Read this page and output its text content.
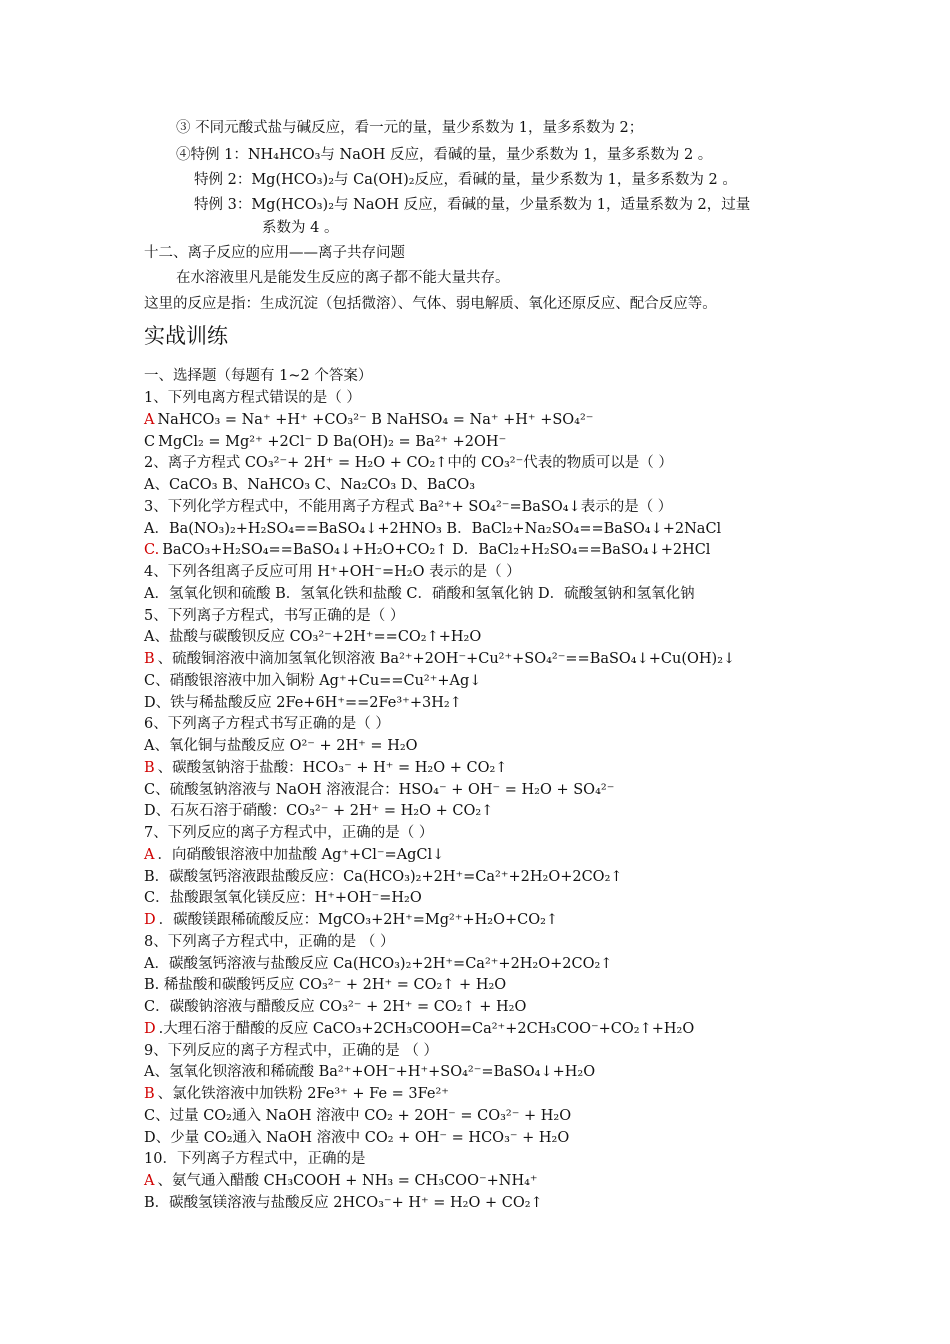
③ 不同元酸式盐与碱反应，看一元的量，量少系数为 1，量多系数为 2；
④特例 1：NH₄HCO₃与 NaOH 反应，看碱的量，量少系数为 1，量多系数为 2 。
特例 2：Mg(HCO₃)₂与 Ca(OH)₂反应，看碱的量，量少系数为 1，量多系数为 2 。
特例 3：Mg(HCO₃)₂与 NaOH 反应，看碱的量，少量系数为 1，适量系数为 2，过量
系数为 4 。
十二、离子反应的应用——离子共存问题
在水溶液里凡是能发生反应的离子都不能大量共存。
这里的反应是指：生成沉淀（包括微溶）、气体、弱电解质、氧化还原反应、配合反应等。
实战训练
一、选择题（每题有 1~2 个答案）
1、下列电离方程式错误的是（ ）
A NaHCO₃ = Na⁺ +H⁺ +CO₃²⁻ B NaHSO₄ = Na⁺ +H⁺ +SO₄²⁻
C MgCl₂ = Mg²⁺ +2Cl⁻ D Ba(OH)₂ = Ba²⁺ +2OH⁻
2、离子方程式 CO₃²⁻+ 2H⁺ = H₂O + CO₂↑中的 CO₃²⁻代表的物质可以是（ ）
A、CaCO₃ B、NaHCO₃ C、Na₂CO₃ D、BaCO₃
3、下列化学方程式中，不能用离子方程式 Ba²⁺+ SO₄²⁻=BaSO₄↓表示的是（ ）
A．Ba(NO₃)₂+H₂SO₄==BaSO₄↓+2HNO₃ B．BaCl₂+Na₂SO₄==BaSO₄↓+2NaCl
C. BaCO₃+H₂SO₄==BaSO₄↓+H₂O+CO₂↑ D．BaCl₂+H₂SO₄==BaSO₄↓+2HCl
4、下列各组离子反应可用 H⁺+OH⁻=H₂O 表示的是（ ）
A．氢氧化钡和硫酸 B．氢氧化铁和盐酸 C．硝酸和氢氧化钠 D．硫酸氢钠和氢氧化钠
5、下列离子方程式，书写正确的是（ ）
A、盐酸与碳酸钡反应 CO₃²⁻+2H⁺==CO₂↑+H₂O
B 、硫酸铜溶液中滴加氢氧化钡溶液 Ba²⁺+2OH⁻+Cu²⁺+SO₄²⁻==BaSO₄↓+Cu(OH)₂↓
C、硝酸银溶液中加入铜粉 Ag⁺+Cu==Cu²⁺+Ag↓
D、铁与稀盐酸反应 2Fe+6H⁺==2Fe³⁺+3H₂↑
6、下列离子方程式书写正确的是（ ）
A、氧化铜与盐酸反应 O²⁻ + 2H⁺ = H₂O
B 、碳酸氢钠溶于盐酸：HCO₃⁻ + H⁺ = H₂O + CO₂↑
C、硫酸氢钠溶液与 NaOH 溶液混合：HSO₄⁻ + OH⁻ = H₂O + SO₄²⁻
D、石灰石溶于硝酸：CO₃²⁻ + 2H⁺ = H₂O + CO₂↑
7、下列反应的离子方程式中，正确的是（ ）
A ．向硝酸银溶液中加盐酸 Ag⁺+Cl⁻=AgCl↓
B．碳酸氢钙溶液跟盐酸反应：Ca(HCO₃)₂+2H⁺=Ca²⁺+2H₂O+2CO₂↑
C．盐酸跟氢氧化镁反应：H⁺+OH⁻=H₂O
D ．碳酸镁跟稀硫酸反应：MgCO₃+2H⁺=Mg²⁺+H₂O+CO₂↑
8、下列离子方程式中，正确的是 （ ）
A．碳酸氢钙溶液与盐酸反应 Ca(HCO₃)₂+2H⁺=Ca²⁺+2H₂O+2CO₂↑
B. 稀盐酸和碳酸钙反应 CO₃²⁻ + 2H⁺ = CO₂↑ + H₂O
C．碳酸钠溶液与醋酸反应 CO₃²⁻ + 2H⁺ = CO₂↑ + H₂O
D .大理石溶于醋酸的反应 CaCO₃+2CH₃COOH=Ca²⁺+2CH₃COO⁻+CO₂↑+H₂O
9、下列反应的离子方程式中，正确的是 （ ）
A、氢氧化钡溶液和稀硫酸 Ba²⁺+OH⁻+H⁺+SO₄²⁻=BaSO₄↓+H₂O
B 、氯化铁溶液中加铁粉 2Fe³⁺ + Fe = 3Fe²⁺
C、过量 CO₂通入 NaOH 溶液中 CO₂ + 2OH⁻ = CO₃²⁻ + H₂O
D、少量 CO₂通入 NaOH 溶液中 CO₂ + OH⁻ = HCO₃⁻ + H₂O
10．下列离子方程式中，正确的是
A 、氨气通入醋酸 CH₃COOH + NH₃ = CH₃COO⁻+NH₄⁺
B．碳酸氢镁溶液与盐酸反应 2HCO₃⁻+ H⁺ = H₂O + CO₂↑
